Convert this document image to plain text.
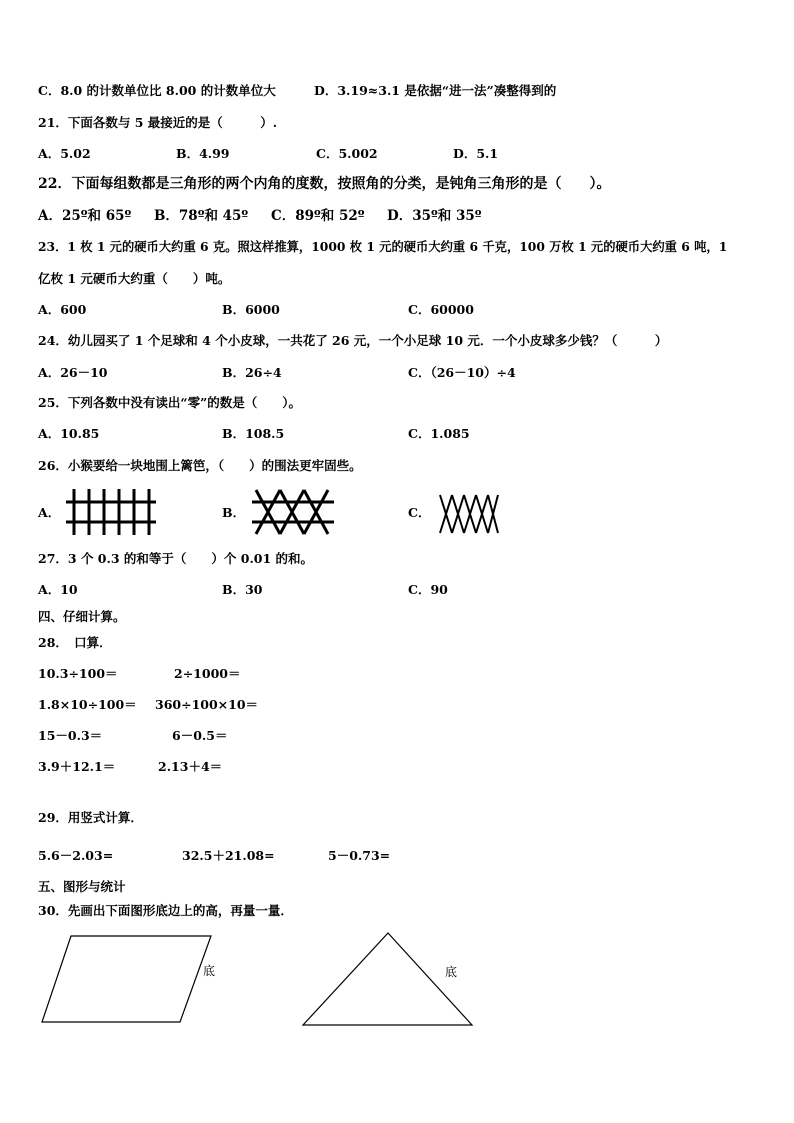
C．8.0 的计数单位比 8.00 的计数单位大	D．3.19≈3.1 是依据“进一法”凑整得到的
21．下面各数与 5 最接近的是（　　　）.
A．5.02	B．4.99	C．5.002	D．5.1
22．下面每组数都是三角形的两个内角的度数，按照角的分类，是钝角三角形的是（　　）。
A．25º和 65º B．78º和 45º C．89º和 52º D．35º和 35º
23．1 枚 1 元的硬币大约重 6 克。照这样推算，1000 枚 1 元的硬币大约重 6 千克，100 万枚 1 元的硬币大约重 6 吨，1
亿枚 1 元硬币大约重（　　）吨。
A．600	B．6000	C．60000
24．幼儿园买了 1 个足球和 4 个小皮球，一共花了 26 元，一个小足球 10 元．一个小皮球多少钱？（　　　）
A．26－10	B．26÷4	C．（26－10）÷4
25．下列各数中没有读出“零”的数是（　　）。
A．10.85	B．108.5	C．1.085
26．小猴要给一块地围上篱笆，（　　）的围法更牢固些。
A．	B．	C．
27．3 个 0.3 的和等于（　　）个 0.01 的和。
A．10	B．30	C．90
四、仔细计算。
28．　口算．
10.3÷100＝	2÷1000＝
1.8×10÷100＝ 360÷100×10＝
15－0.3＝	6－0.5＝
3.9＋12.1＝	2.13＋4＝
29．用竖式计算．
5.6－2.03=	32.5＋21.08=	5－0.73=
五、图形与统计
30．先画出下面图形底边上的高，再量一量．
底	底
